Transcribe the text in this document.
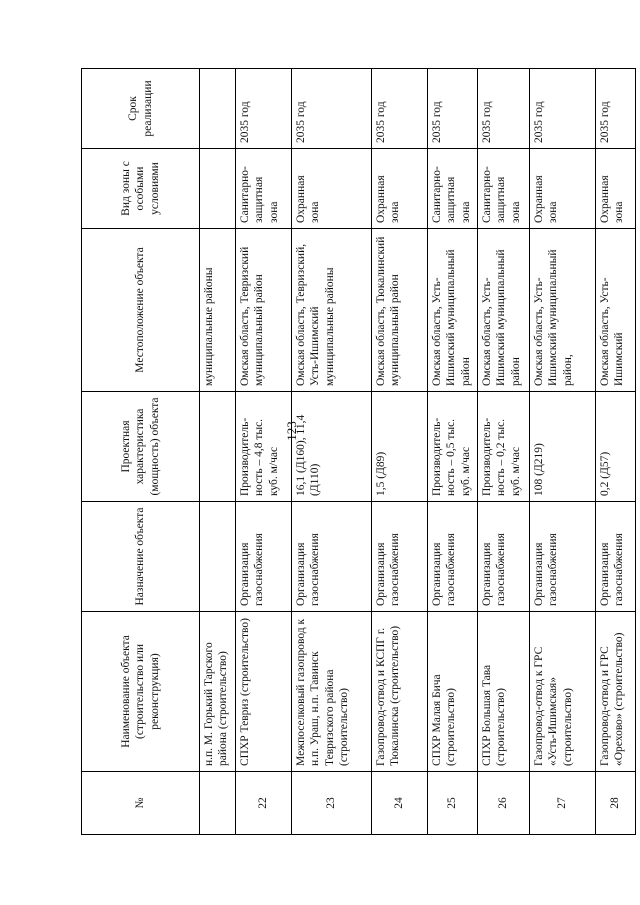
123
№	Наименование объекта (строительство или реконструкция)	Назначение объекта	Проектная характеристика (мощность) объекта	Местоположение объекта	Вид зоны с особыми условиями	Срок реализации
	н.п. М. Горький Тарского района (строительство)			муниципальные районы		
22	СПХР Тевриз (строительство)	Организация газоснабжения	Производитель-ность – 4,8 тыс. куб. м/час	Омская область, Тевризский муниципальный район	Санитарно-защитная зона	2035 год
23	Межпоселковый газопровод к н.п. Ураш, н.п. Тавинск Тевризского района (строительство)	Организация газоснабжения	16,1 (Д160), 11,4 (Д110)	Омская область, Тевризский, Усть-Ишимский муниципальные районы	Охранная зона	2035 год
24	Газопровод-отвод и КСПГ г. Тюкалинска (строительство)	Организация газоснабжения	1,5 (Д89)	Омская область, Тюкалинский муниципальный район	Охранная зона	2035 год
25	СПХР Малая Бича (строительство)	Организация газоснабжения	Производитель-ность – 0,5 тыс. куб. м/час	Омская область, Усть-Ишимский муниципальный район	Санитарно-защитная зона	2035 год
26	СПХР Большая Тава (строительство)	Организация газоснабжения	Производитель-ность – 0,2 тыс. куб. м/час	Омская область, Усть-Ишимский муниципальный район	Санитарно-защитная зона	2035 год
27	Газопровод-отвод к ГРС «Усть-Ишимская» (строительство)	Организация газоснабжения	108 (Д219)	Омская область, Усть-Ишимский муниципальный район,	Охранная зона	2035 год
28	Газопровод-отвод и ГРС «Орехово» (строительство)	Организация газоснабжения	0,2 (Д57)	Омская область, Усть-Ишимский	Охранная зона	2035 год
